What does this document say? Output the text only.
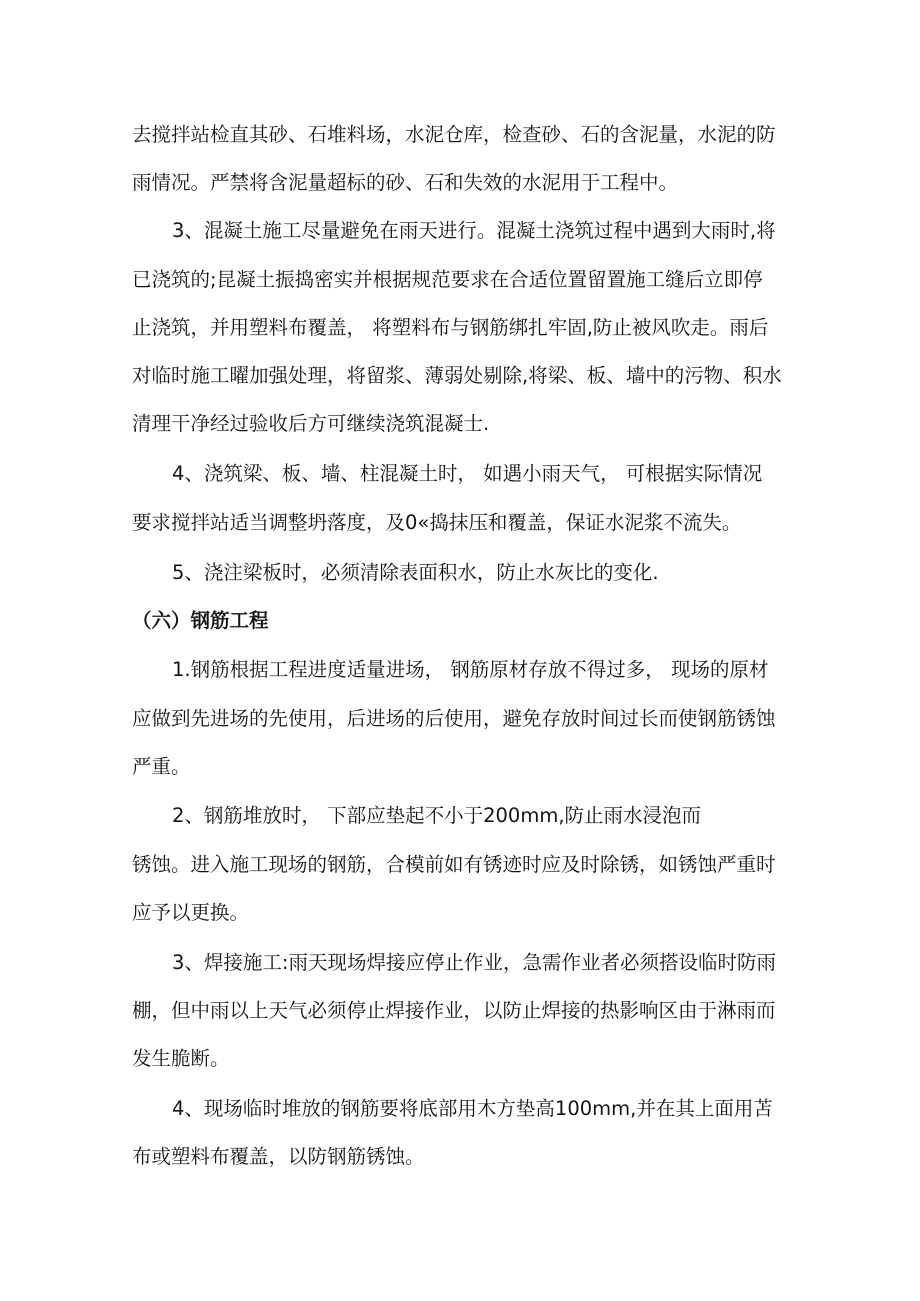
去搅拌站检直其砂、石堆料场，水泥仓库，检查砂、石的含泥量，水泥的防
雨情况。严禁将含泥量超标的砂、石和失效的水泥用于工程中。
3、混凝土施工尽量避免在雨天进行。混凝土浇筑过程中遇到大雨时,将
已浇筑的;昆凝土振捣密实并根据规范要求在合适位置留置施工缝后立即停
止浇筑，并用塑料布覆盖， 将塑料布与钢筋绑扎牢固,防止被风吹走。雨后
对临时施工曜加强处理，将留浆、薄弱处剔除,将梁、板、墙中的污物、积水
清理干净经过验收后方可继续浇筑混凝士.
4、浇筑梁、板、墙、柱混凝土时， 如遇小雨天气， 可根据实际情况
要求搅拌站适当调整坍落度，及0«捣抹压和覆盖，保证水泥浆不流失。
5、浇注梁板时，必须清除表面积水，防止水灰比的变化.
（六）钢筋工程
1.钢筋根据工程进度适量进场， 钢筋原材存放不得过多， 现场的原材
应做到先进场的先使用，后进场的后使用，避免存放时间过长而使钢筋锈蚀
严重。
2、钢筋堆放时， 下部应垫起不小于200mm,防止雨水浸泡而
锈蚀。进入施工现场的钢筋，合模前如有锈迹时应及时除锈，如锈蚀严重时
应予以更换。
3、焊接施工:雨天现场焊接应停止作业，急需作业者必须搭设临时防雨
棚，但中雨以上天气必须停止焊接作业，以防止焊接的热影响区由于淋雨而
发生脆断。
4、现场临时堆放的钢筋要将底部用木方垫高100mm,并在其上面用苫
布或塑料布覆盖，以防钢筋锈蚀。
